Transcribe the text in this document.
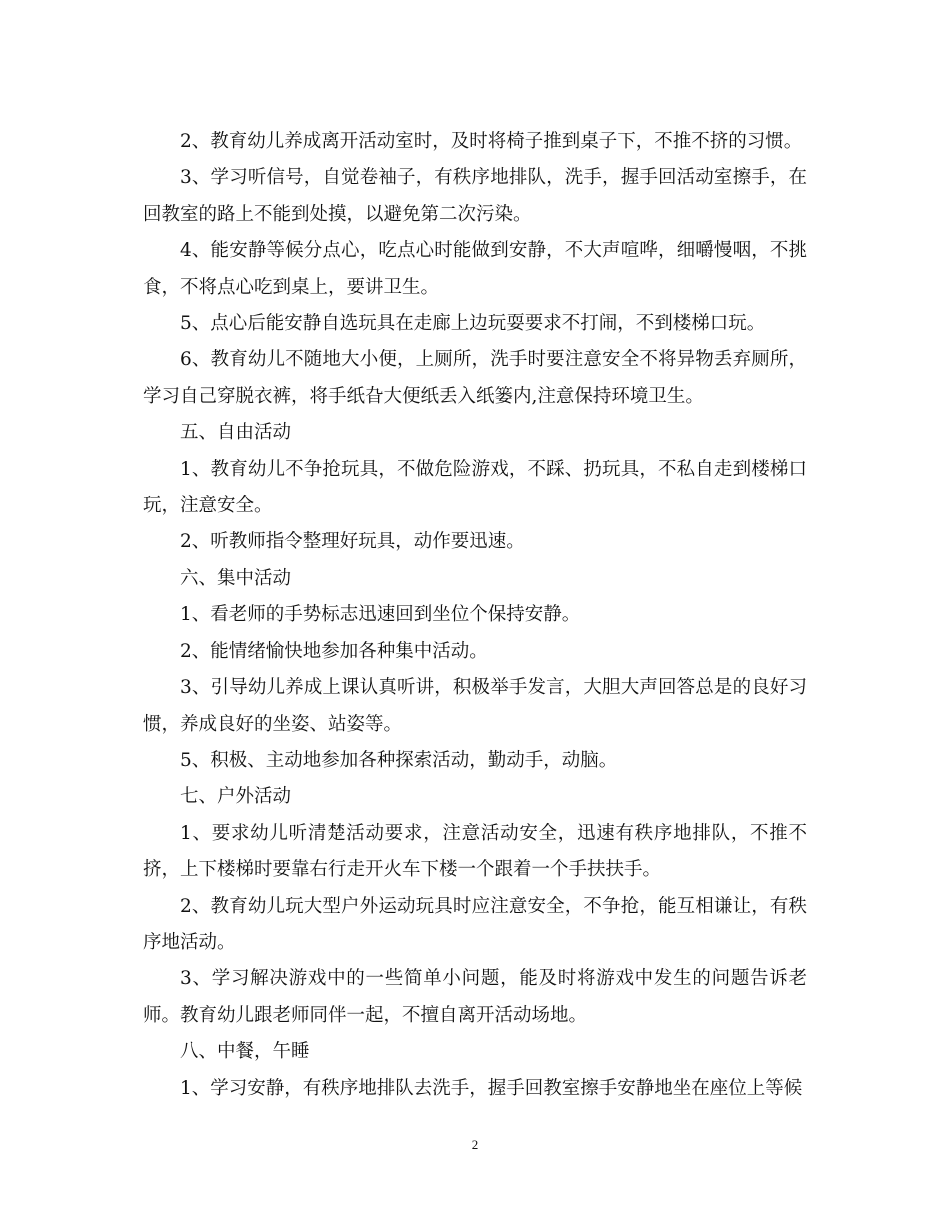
2、教育幼儿养成离开活动室时，及时将椅子推到桌子下，不推不挤的习惯。

3、学习听信号，自觉卷袖子，有秩序地排队，洗手，握手回活动室擦手，在回教室的路上不能到处摸，以避免第二次污染。

4、能安静等候分点心，吃点心时能做到安静，不大声喧哗，细嚼慢咽，不挑食，不将点心吃到桌上，要讲卫生。

5、点心后能安静自选玩具在走廊上边玩耍要求不打闹，不到楼梯口玩。

6、教育幼儿不随地大小便，上厕所，洗手时要注意安全不将异物丢弃厕所，学习自己穿脱衣裤，将手纸旮大便纸丢入纸篓内,注意保持环境卫生。

五、自由活动

1、教育幼儿不争抢玩具，不做危险游戏，不踩、扔玩具，不私自走到楼梯口玩，注意安全。

2、听教师指令整理好玩具，动作要迅速。

六、集中活动

1、看老师的手势标志迅速回到坐位个保持安静。

2、能情绪愉快地参加各种集中活动。

3、引导幼儿养成上课认真听讲，积极举手发言，大胆大声回答总是的良好习惯，养成良好的坐姿、站姿等。

5、积极、主动地参加各种探索活动，勤动手，动脑。

七、户外活动

1、要求幼儿听清楚活动要求，注意活动安全，迅速有秩序地排队，不推不挤，上下楼梯时要靠右行走开火车下楼一个跟着一个手扶扶手。

2、教育幼儿玩大型户外运动玩具时应注意安全，不争抢，能互相谦让，有秩序地活动。

3、学习解决游戏中的一些简单小问题，能及时将游戏中发生的问题告诉老师。教育幼儿跟老师同伴一起，不擅自离开活动场地。

八、中餐，午睡

1、学习安静，有秩序地排队去洗手，握手回教室擦手安静地坐在座位上等候

2
